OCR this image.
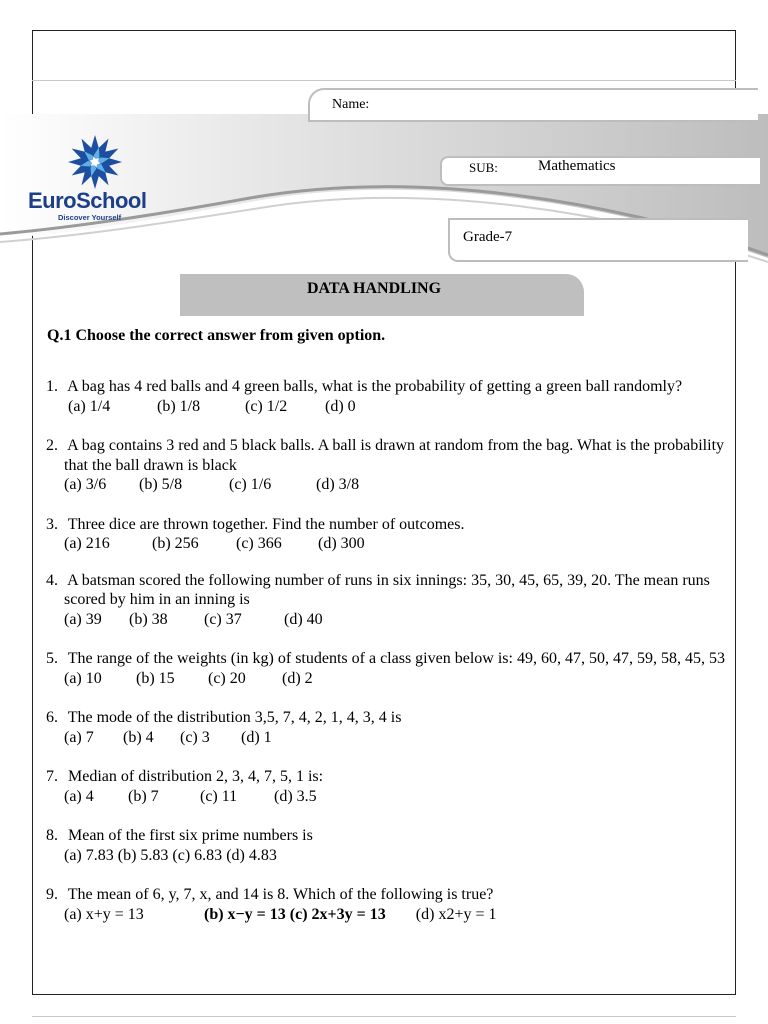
Name:
EuroSchool
Discover Yourself
SUB:	Mathematics
Grade-7
DATA HANDLING
Q.1 Choose the correct answer from given option.
1. A bag has 4 red balls and 4 green balls, what is the probability of getting a green ball randomly?
(a) 1/4	(b) 1/8	(c) 1/2 (d) 0
2. A bag contains 3 red and 5 black balls. A ball is drawn at random from the bag. What is the probability that the ball drawn is black
(a) 3/6 (b) 5/8	(c) 1/6	(d) 3/8
3. Three dice are thrown together. Find the number of outcomes.
(a) 216	(b) 256 (c) 366 (d) 300
4. A batsman scored the following number of runs in six innings: 35, 30, 45, 65, 39, 20. The mean runs scored by him in an inning is
(a) 39 (b) 38 (c) 37	(d) 40
5. The range of the weights (in kg) of students of a class given below is: 49, 60, 47, 50, 47, 59, 58, 45, 53
(a) 10 (b) 15 (c) 20 (d) 2
6. The mode of the distribution 3,5, 7, 4, 2, 1, 4, 3, 4 is
(a) 7 (b) 4 (c) 3 (d) 1
7. Median of distribution 2, 3, 4, 7, 5, 1 is:
(a) 4 (b) 7	(c) 11 (d) 3.5
8. Mean of the first six prime numbers is
(a) 7.83 (b) 5.83 (c) 6.83 (d) 4.83
9. The mean of 6, y, 7, x, and 14 is 8. Which of the following is true?
(a) x+y = 13	(b) x−y = 13 (c) 2x+3y = 13 (d) x2+y = 1
